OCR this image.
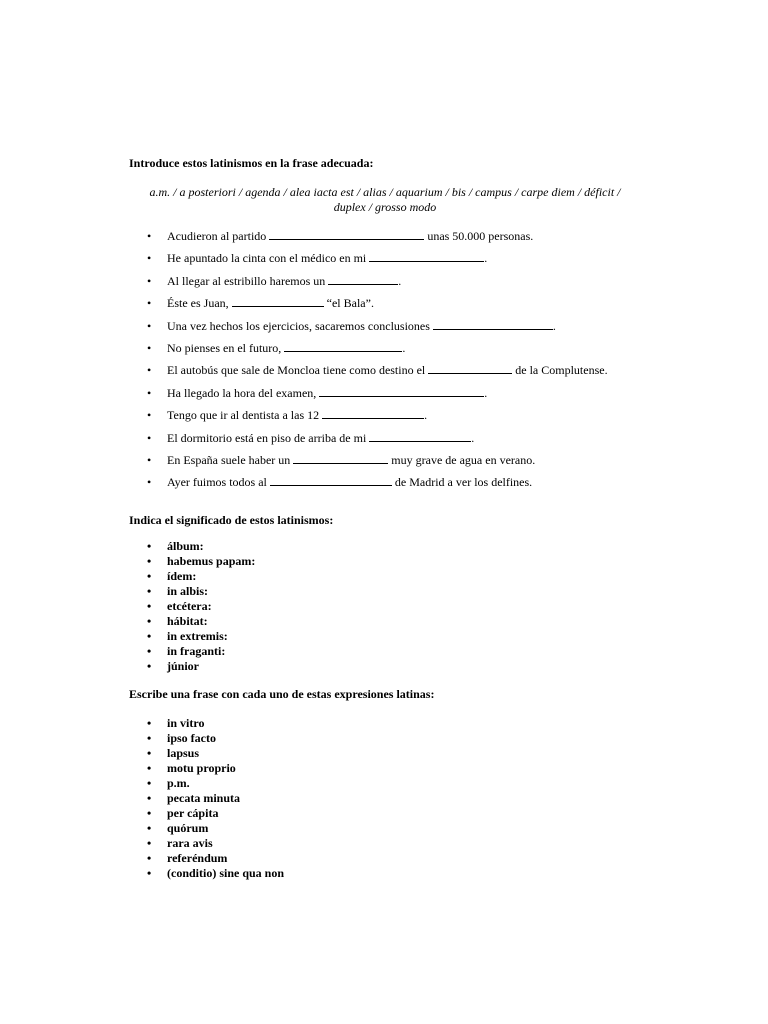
Introduce estos latinismos en la frase adecuada:
a.m. / a posteriori / agenda / alea iacta est / alias / aquarium / bis / campus / carpe diem / déficit /
duplex / grosso modo
• Acudieron al partido	unas 50.000 personas.
• He apuntado la cinta con el médico en mi	.
• Al llegar al estribillo haremos un	.
• Éste es Juan,	“el Bala”.
• Una vez hechos los ejercicios, sacaremos conclusiones	.
• No pienses en el futuro,	.
• El autobús que sale de Moncloa tiene como destino el	de la Complutense.
• Ha llegado la hora del examen,	.
• Tengo que ir al dentista a las 12	.
• El dormitorio está en piso de arriba de mi	.
• En España suele haber un	muy grave de agua en verano.
• Ayer fuimos todos al	de Madrid a ver los delfines.
Indica el significado de estos latinismos:
• álbum:
• habemus papam:
• ídem:
• in albis:
• etcétera:
• hábitat:
• in extremis:
• in fraganti:
• júnior
Escribe una frase con cada uno de estas expresiones latinas:
• in vitro
• ipso facto
• lapsus
• motu proprio
• p.m.
• pecata minuta
• per cápita
• quórum
• rara avis
• referéndum
• (conditio) sine qua non
